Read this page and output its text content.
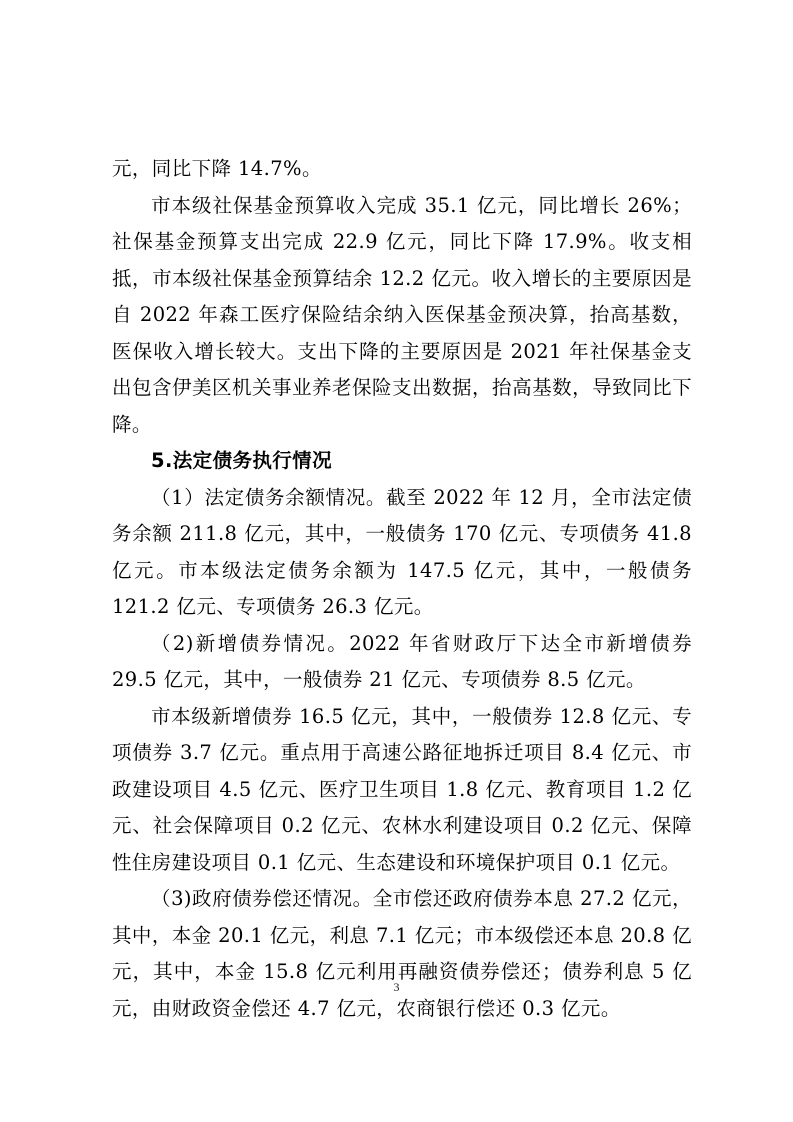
元，同比下降 14.7%。

市本级社保基金预算收入完成 35.1 亿元，同比增长 26%；社保基金预算支出完成 22.9 亿元，同比下降 17.9%。收支相抵，市本级社保基金预算结余 12.2 亿元。收入增长的主要原因是自 2022 年森工医疗保险结余纳入医保基金预决算，抬高基数，医保收入增长较大。支出下降的主要原因是 2021 年社保基金支出包含伊美区机关事业养老保险支出数据，抬高基数，导致同比下降。

5.法定债务执行情况

（1）法定债务余额情况。截至 2022 年 12 月，全市法定债务余额 211.8 亿元，其中，一般债务 170 亿元、专项债务 41.8 亿元。市本级法定债务余额为 147.5 亿元，其中，一般债务 121.2 亿元、专项债务 26.3 亿元。

（2)新增债券情况。2022 年省财政厅下达全市新增债券 29.5 亿元，其中，一般债券 21 亿元、专项债券 8.5 亿元。

市本级新增债券 16.5 亿元，其中，一般债券 12.8 亿元、专项债券 3.7 亿元。重点用于高速公路征地拆迁项目 8.4 亿元、市政建设项目 4.5 亿元、医疗卫生项目 1.8 亿元、教育项目 1.2 亿元、社会保障项目 0.2 亿元、农林水利建设项目 0.2 亿元、保障性住房建设项目 0.1 亿元、生态建设和环境保护项目 0.1 亿元。

（3)政府债券偿还情况。全市偿还政府债券本息 27.2 亿元，其中，本金 20.1 亿元，利息 7.1 亿元；市本级偿还本息 20.8 亿元，其中，本金 15.8 亿元利用再融资债券偿还；债券利息 5 亿元，由财政资金偿还 4.7 亿元，农商银行偿还 0.3 亿元。

3
